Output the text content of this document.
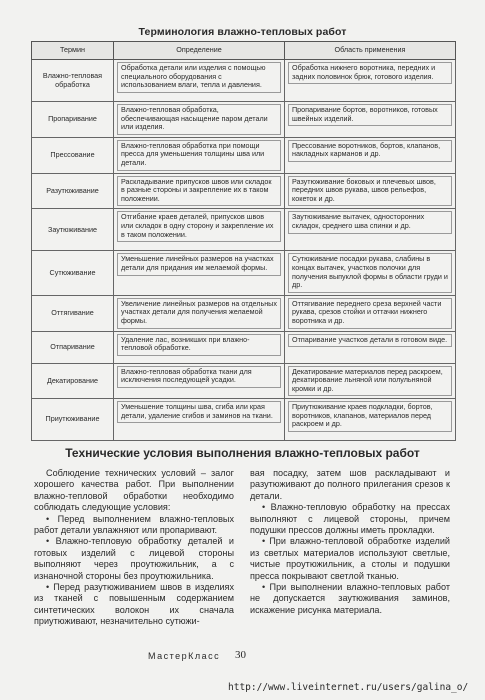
Терминология влажно-тепловых работ
Термин	Определение	Область применения
Влажно-тепловая обработка	Обработка детали или изделия с помощью специального оборудования с использованием влаги, тепла и давления.	Обработка нижнего воротника, передних и задних половинок брюк, готового изделия.

Пропаривание	Влажно-тепловая обработка, обеспечивающая насыщение паром детали или изделия.	Пропаривание бортов, воротников, готовых швейных изделий.

Прессование	Влажно-тепловая обработка при помощи пресса для уменьшения толщины шва или детали.	Прессование воротников, бортов, клапанов, накладных карманов и др.

Разутюживание	Раскладывание припусков швов или складок в разные стороны и закрепление их в таком положении.	Разутюживание боковых и плечевых швов, передних швов рукава, швов рельефов, кокеток и др.

Заутюживание	Отгибание краев деталей, припусков швов или складок в одну сторону и закрепление их в таком положении.	Заутюживание вытачек, односторонних складок, среднего шва спинки и др.

Сутюживание	Уменьшение линейных размеров на участках детали для придания им желаемой формы.	Сутюживание посадки рукава, слабины в концах вытачек, участков полочки для получения выпуклой формы в области груди и др.

Оттягивание	Увеличение линейных размеров на отдельных участках детали для получения желаемой формы.	Оттягивание переднего среза верхней части рукава, срезов стойки и оттачки нижнего воротника и др.

Отпаривание	Удаление лас, возникших при влажно-тепловой обработке.	Отпаривание участков детали в готовом виде.

Декатирование	Влажно-тепловая обработка ткани для исключения последующей усадки.	Декатирование материалов перед раскроем, декатирование льняной или полульняной кромки и др.

Приутюживание	Уменьшение толщины шва, сгиба или края детали, удаление сгибов и заминов на ткани.	Приутюживание краев подкладки, бортов, воротников, клапанов, материалов перед раскроем и др.
Технические условия выполнения влажно-тепловых работ

Соблюдение технических условий – залог хорошего качества работ. При выполнении влажно-тепловой обработки необходимо соблюдать следующие условия:

• Перед выполнением влажно-тепловых работ детали увлажняют или пропаривают.

• Влажно-тепловую обработку деталей и готовых изделий с лицевой стороны выполняют через проутюжильник, а с изнаночной стороны без проутюжильника.

• Перед разутюживанием швов в изделиях из тканей с повышенным содержанием синтетических волокон их сначала приутюживают, незначительно сутюжи-

вая посадку, затем шов раскладывают и разутюживают до полного прилегания срезов к детали.

• Влажно-тепловую обработку на прессах выполняют с лицевой стороны, причем подушки прессов должны иметь прокладки.

• При влажно-тепловой обработке изделий из светлых материалов используют светлые, чистые проутюжильник, а столы и подушки пресса покрывают светлой тканью.

• При выполнении влажно-тепловых работ не допускается заутюживания заминов, искажение рисунка материала.

МастерКласс 30
http://www.liveinternet.ru/users/galina_o/
